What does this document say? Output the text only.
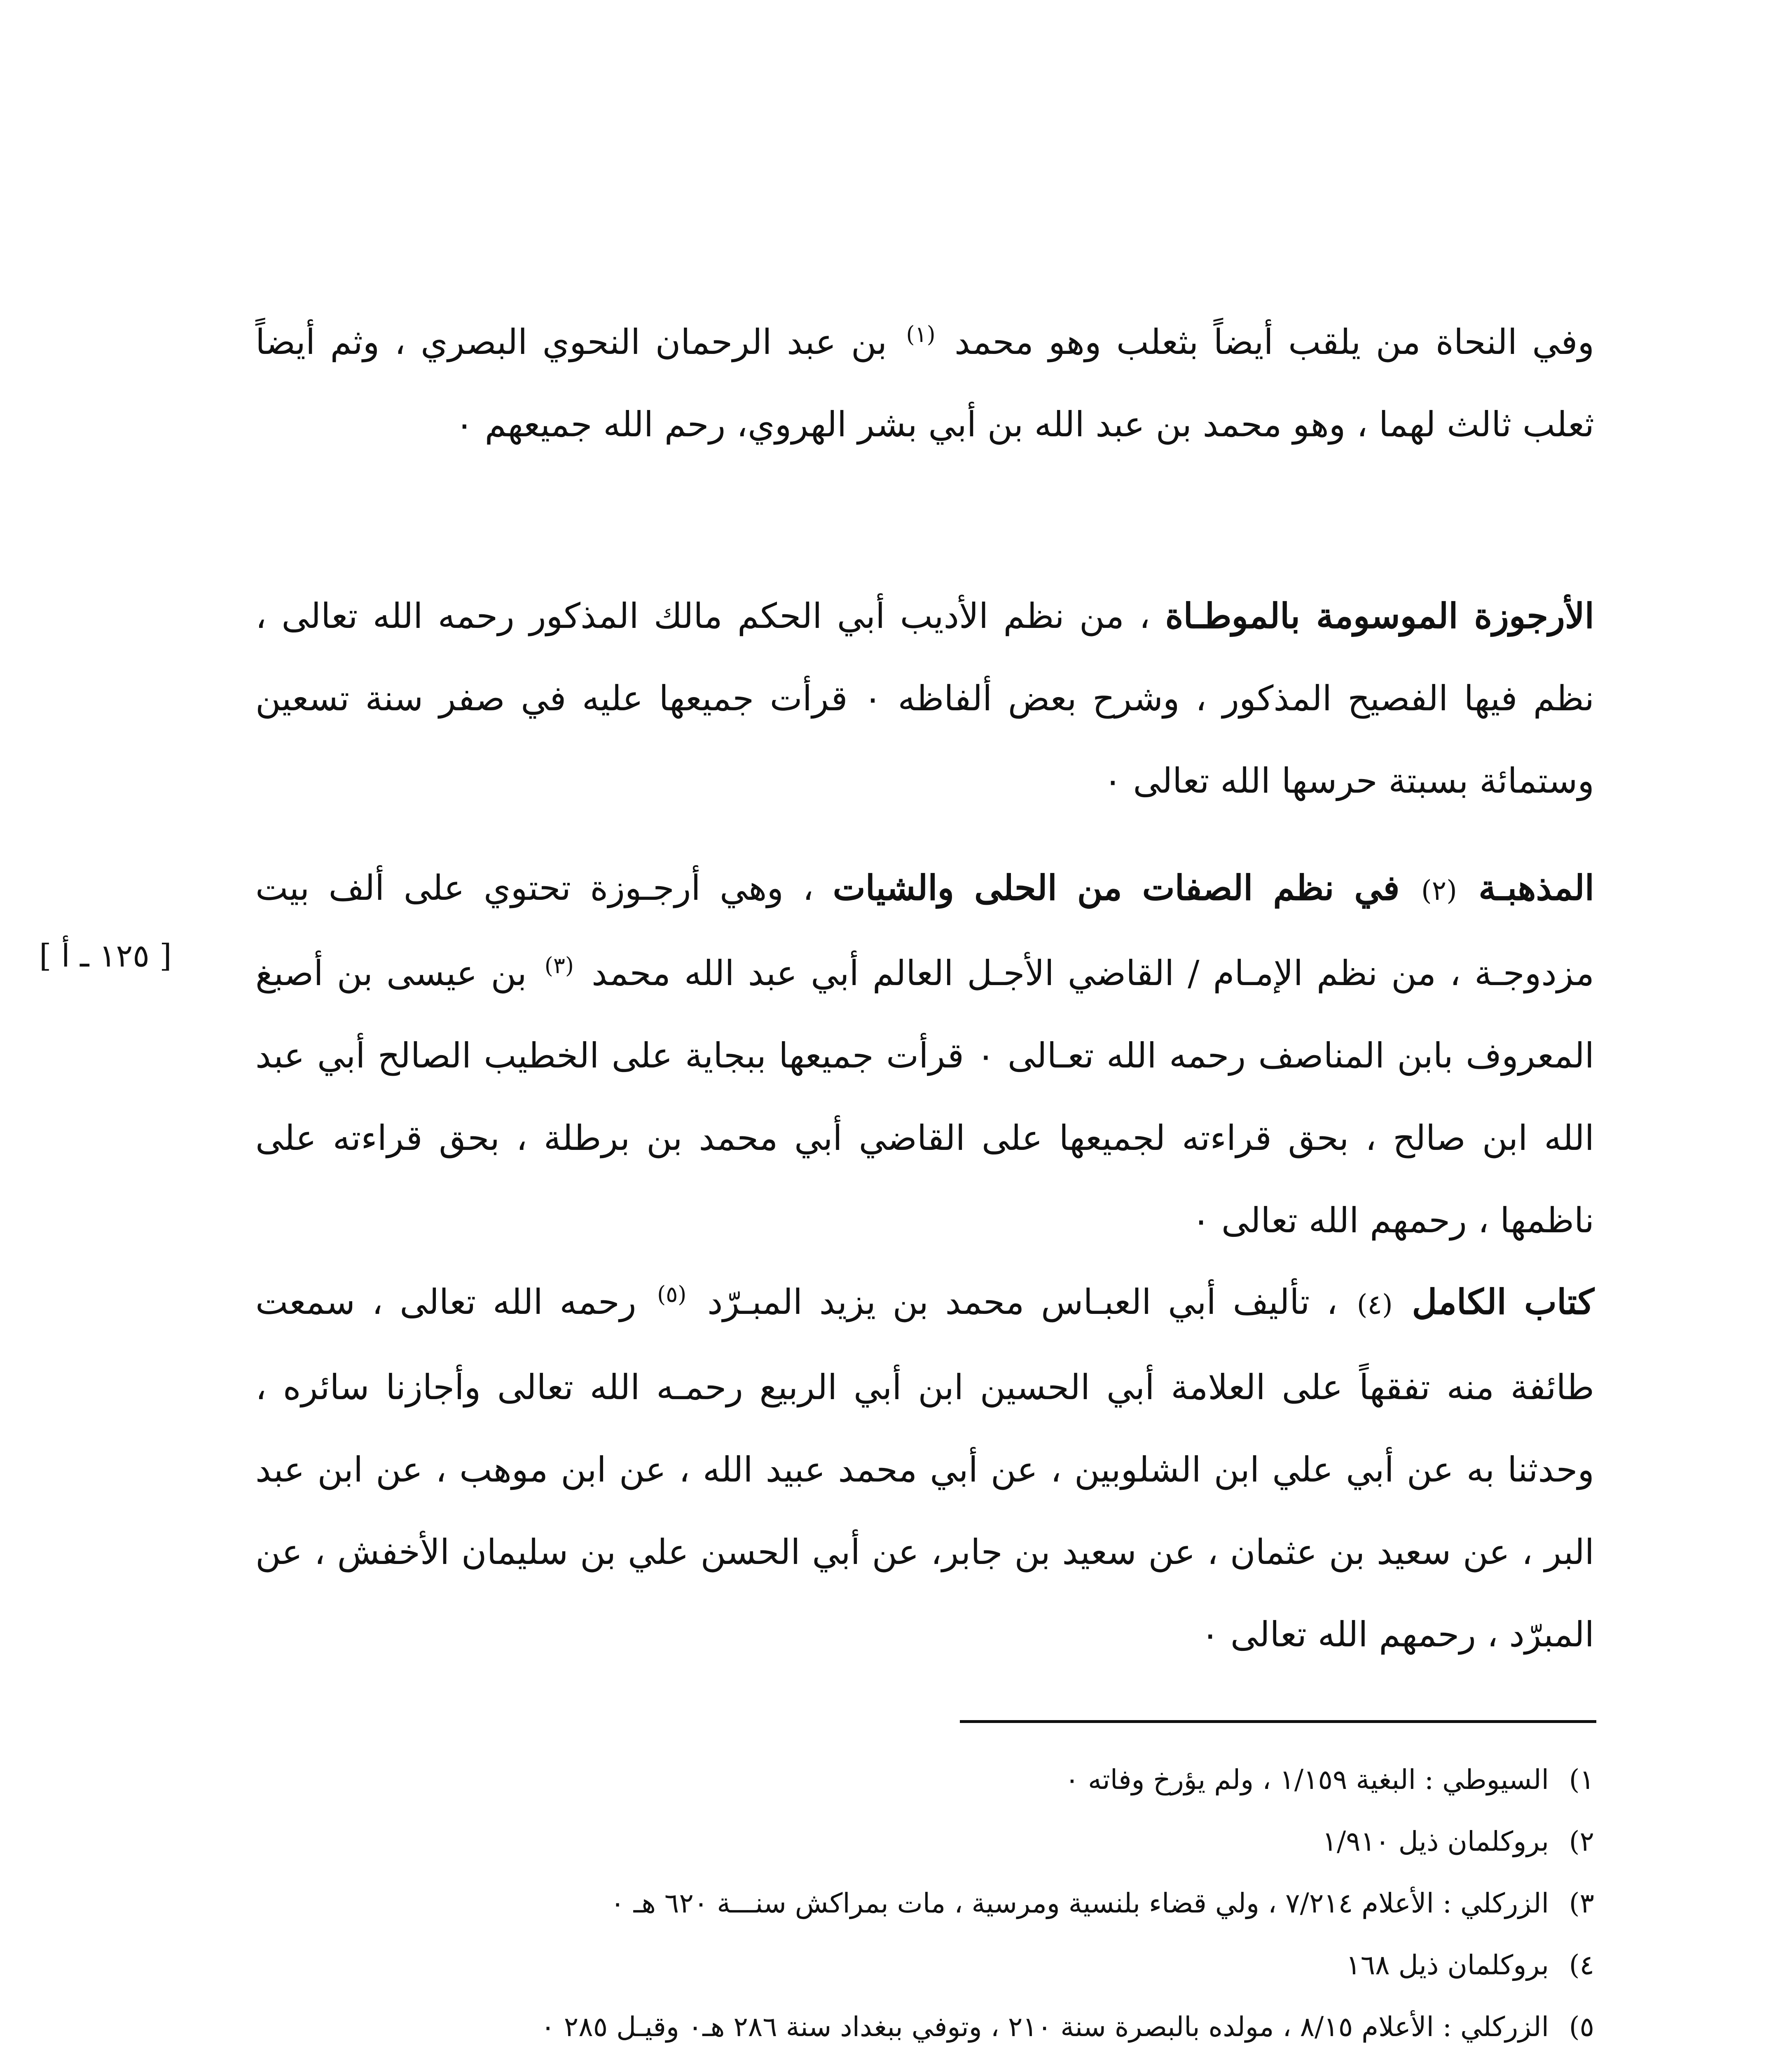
وفي النحاة من يلقب أيضاً بثعلب وهو محمد $^{(١)}$ بن عبد الرحمان النحوي البصري ، وثم أيضاً ثعلب ثالث لهما ، وهو محمد بن عبد الله بن أبي بشر الهروي، رحم الله جميعهم ٠

الأرجوزة الموسومة بالموطـاة ، من نظم الأديب أبي الحكم مالك المذكور رحمه الله تعالى ، نظم فيها الفصيح المذكور ، وشرح بعض ألفاظه ٠ قرأت جميعها عليه في صفر سنة تسعين وستمائة بسبتة حرسها الله تعالى ٠

المذهبـة (٢) في نظم الصفات من الحلى والشيات ، وهي أرجـوزة تحتوي على ألف بيت مزدوجـة ، من نظم الإمـام / القاضي الأجـل العالم أبي عبد الله محمد $^{(٣)}$ بن عيسى بن أصبغ المعروف بابن المناصف رحمه الله تعـالى ٠ قرأت جميعها ببجاية على الخطيب الصالح أبي عبد الله ابن صالح ، بحق قراءته لجميعها على القاضي أبي محمد بن برطلة ، بحق قراءته على ناظمها ، رحمهم الله تعالى ٠

كتاب الكامل (٤) ، تأليف أبي العبـاس محمد بن يزيد المبـرّد $^{(٥)}$ رحمه الله تعالى ، سمعت طائفة منه تفقهاً على العلامة أبي الحسين ابن أبي الربيع رحمـه الله تعالى وأجازنا سائره ، وحدثنا به عن أبي علي ابن الشلوبين ، عن أبي محمد عبيد الله ، عن ابن موهب ، عن ابن عبد البر ، عن سعيد بن عثمان ، عن سعيد بن جابر، عن أبي الحسن علي بن سليمان الأخفش ، عن المبرّد ، رحمهم الله تعالى ٠

[ ١٢٥ ـ أ ]
١)
السيوطي : البغية ١/١٥٩ ، ولم يؤرخ وفاته ٠
٢)
بروكلمان ذيل ١/٩١٠
٣)
الزركلي : الأعلام ٧/٢١٤ ، ولي قضاء بلنسية ومرسية ، مات بمراكش سنـــة ٦٢٠ هـ ٠
٤)
بروكلمان ذيل ١٦٨
٥)
الزركلي : الأعلام ٨/١٥ ، مولده بالبصرة سنة ٢١٠ ، وتوفي ببغداد سنة ٢٨٦ هـ٠ وقيـل ٢٨٥ ٠
